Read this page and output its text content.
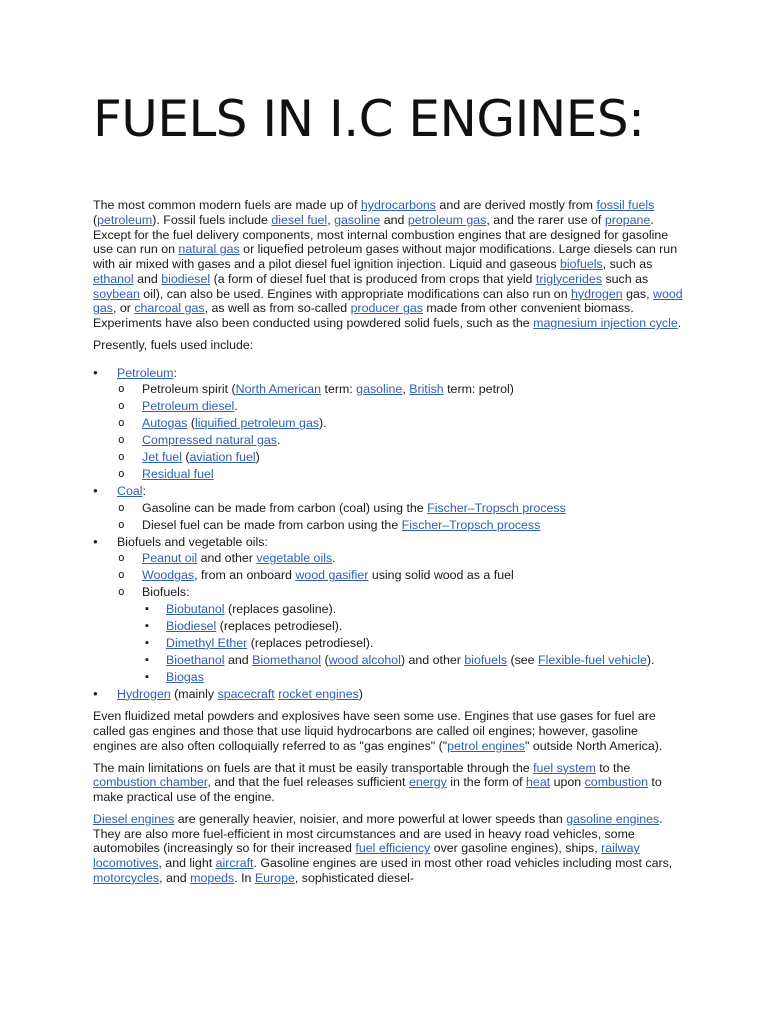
FUELS IN I.C ENGINES:

The most common modern fuels are made up of hydrocarbons and are derived mostly from fossil fuels (petroleum). Fossil fuels include diesel fuel, gasoline and petroleum gas, and the rarer use of propane. Except for the fuel delivery components, most internal combustion engines that are designed for gasoline use can run on natural gas or liquefied petroleum gases without major modifications. Large diesels can run with air mixed with gases and a pilot diesel fuel ignition injection. Liquid and gaseous biofuels, such as ethanol and biodiesel (a form of diesel fuel that is produced from crops that yield triglycerides such as soybean oil), can also be used. Engines with appropriate modifications can also run on hydrogen gas, wood gas, or charcoal gas, as well as from so-called producer gas made from other convenient biomass. Experiments have also been conducted using powdered solid fuels, such as the magnesium injection cycle.

Presently, fuels used include:

● Petroleum:
o Petroleum spirit (North American term: gasoline, British term: petrol)
o Petroleum diesel.
o Autogas (liquified petroleum gas).
o Compressed natural gas.
o Jet fuel (aviation fuel)
o Residual fuel
● Coal:
o Gasoline can be made from carbon (coal) using the Fischer–Tropsch process
o Diesel fuel can be made from carbon using the Fischer–Tropsch process
● Biofuels and vegetable oils:
o Peanut oil and other vegetable oils.
o Woodgas, from an onboard wood gasifier using solid wood as a fuel
o Biofuels:
▪ Biobutanol (replaces gasoline).
▪ Biodiesel (replaces petrodiesel).
▪ Dimethyl Ether (replaces petrodiesel).
▪ Bioethanol and Biomethanol (wood alcohol) and other biofuels (see Flexible-fuel vehicle).
▪ Biogas
● Hydrogen (mainly spacecraft rocket engines)

Even fluidized metal powders and explosives have seen some use. Engines that use gases for fuel are called gas engines and those that use liquid hydrocarbons are called oil engines; however, gasoline engines are also often colloquially referred to as "gas engines" ("petrol engines" outside North America).

The main limitations on fuels are that it must be easily transportable through the fuel system to the combustion chamber, and that the fuel releases sufficient energy in the form of heat upon combustion to make practical use of the engine.

Diesel engines are generally heavier, noisier, and more powerful at lower speeds than gasoline engines. They are also more fuel-efficient in most circumstances and are used in heavy road vehicles, some automobiles (increasingly so for their increased fuel efficiency over gasoline engines), ships, railway locomotives, and light aircraft. Gasoline engines are used in most other road vehicles including most cars, motorcycles, and mopeds. In Europe, sophisticated diesel-
